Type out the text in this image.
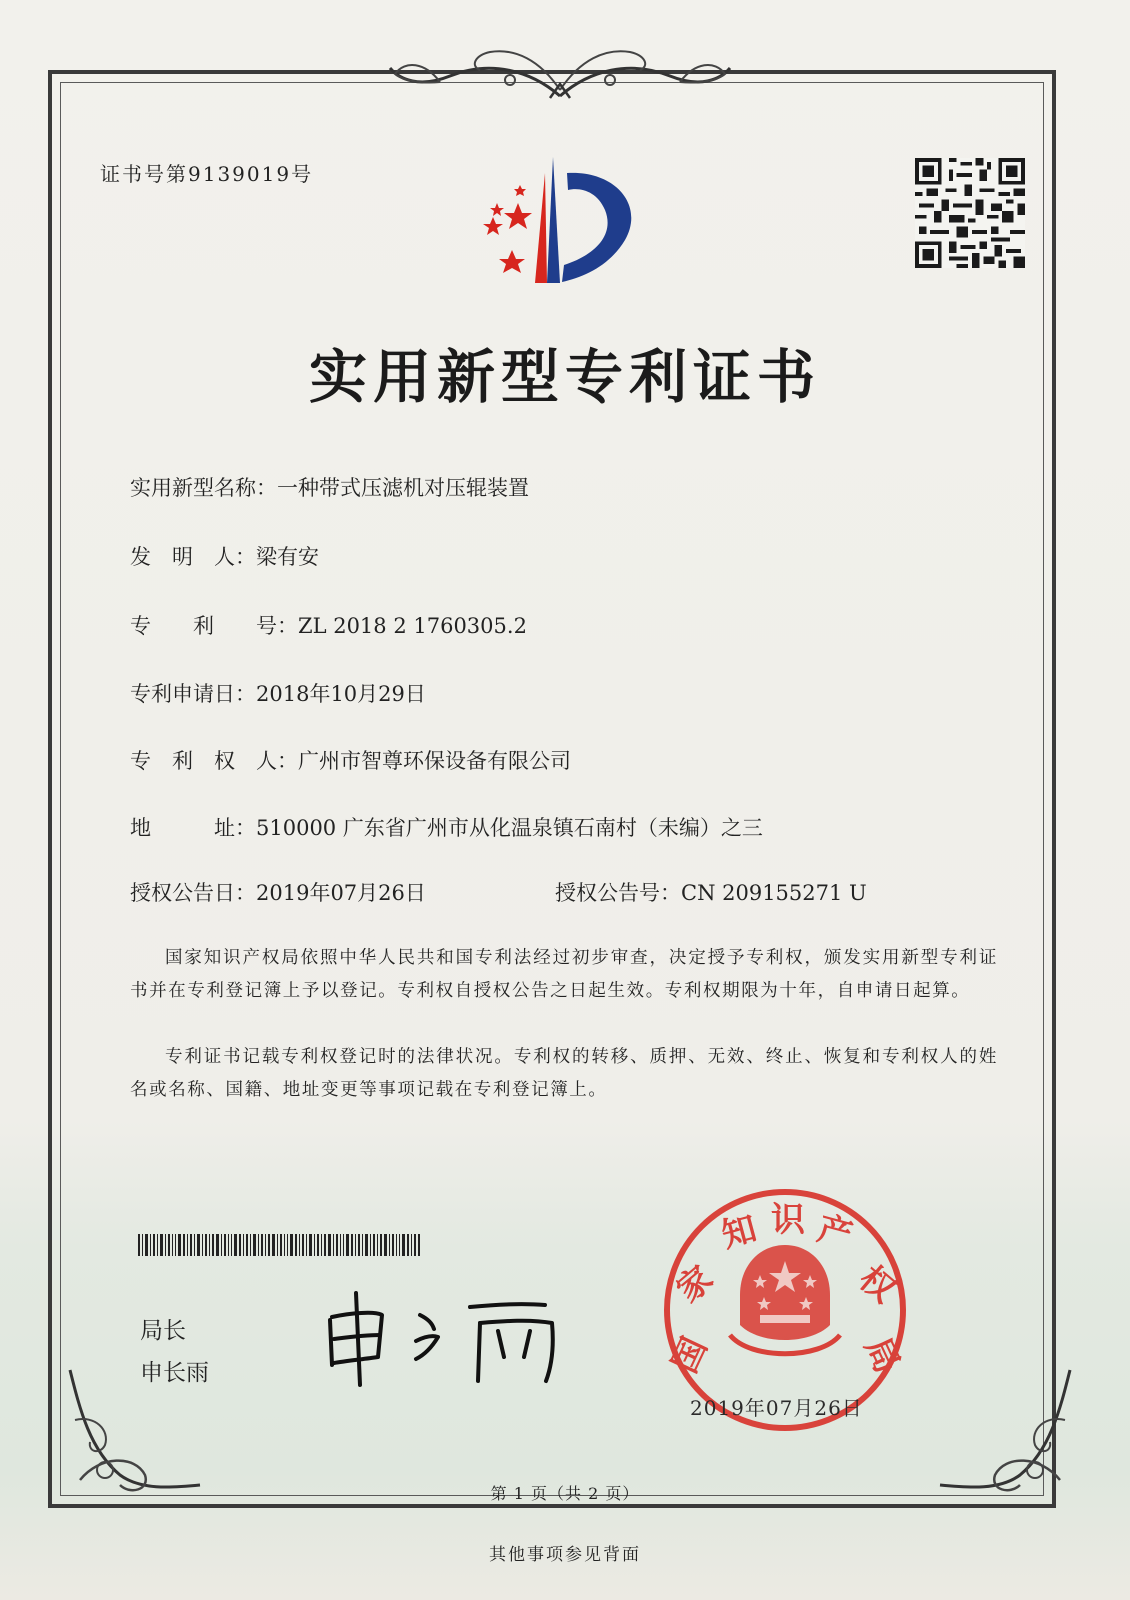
证书号第9139019号
实用新型专利证书
实用新型名称：一种带式压滤机对压辊装置
发　明　人：梁有安
专　　利　　号：ZL 2018 2 1760305.2
专利申请日：2018年10月29日
专　利　权　人：广州市智尊环保设备有限公司
地　　　址：510000 广东省广州市从化温泉镇石南村（未编）之三
授权公告日：2019年07月26日	授权公告号：CN 209155271 U
国家知识产权局依照中华人民共和国专利法经过初步审查，决定授予专利权，颁发实用新型专利证书并在专利登记簿上予以登记。专利权自授权公告之日起生效。专利权期限为十年，自申请日起算。
专利证书记载专利权登记时的法律状况。专利权的转移、质押、无效、终止、恢复和专利权人的姓名或名称、国籍、地址变更等事项记载在专利登记簿上。
局长
申长雨	国
家
知 识 产
权
局
2019年07月26日
第 1 页（共 2 页）
其他事项参见背面
